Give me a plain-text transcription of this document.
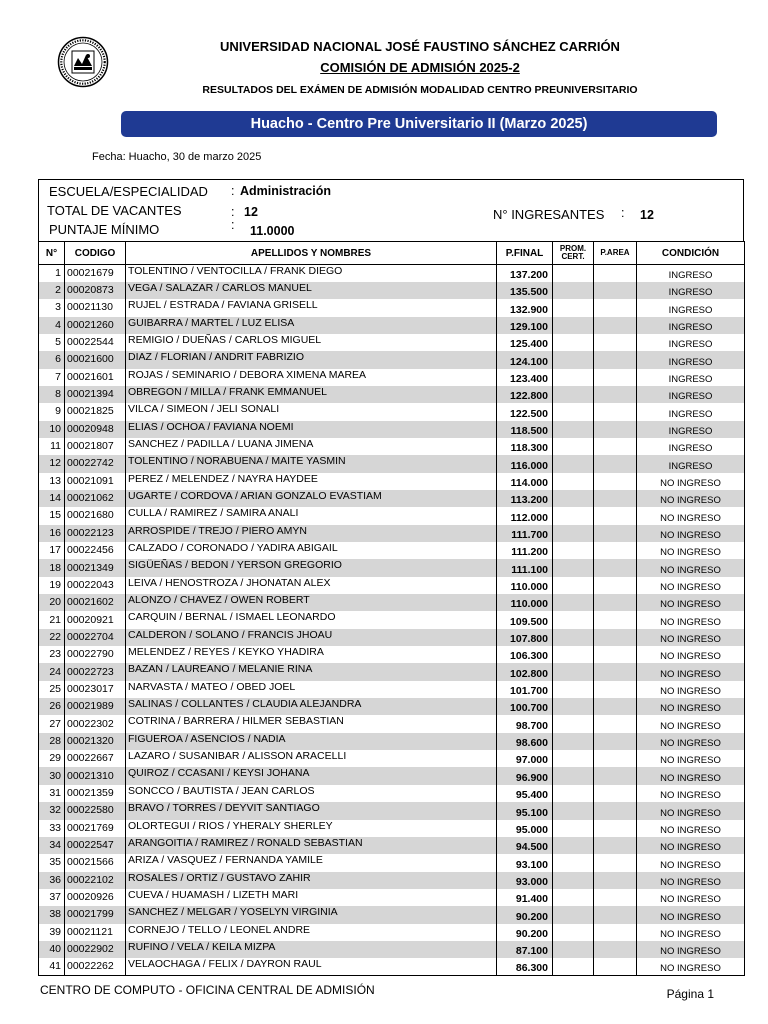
UNIVERSIDAD NACIONAL JOSÉ FAUSTINO SÁNCHEZ CARRIÓN
COMISIÓN DE ADMISIÓN 2025-2
RESULTADOS DEL EXÁMEN DE ADMISIÓN MODALIDAD CENTRO PREUNIVERSITARIO
Huacho - Centro Pre Universitario II (Marzo 2025)
Fecha: Huacho, 30 de marzo 2025
ESCUELA/ESPECIALIDAD : Administración
TOTAL DE VACANTES	: 12
PUNTAJE MÍNIMO	: 11.0000
N° INGRESANTES : 12
N°	CODIGO	APELLIDOS Y NOMBRES	P.FINAL	PROM.
CERT.	P.AREA	CONDICIÓN
1	00021679	TOLENTINO / VENTOCILLA / FRANK DIEGO	137.200			INGRESO
2	00020873	VEGA / SALAZAR / CARLOS MANUEL	135.500			INGRESO
3	00021130	RUJEL / ESTRADA / FAVIANA GRISELL	132.900			INGRESO
4	00021260	GUIBARRA / MARTEL / LUZ ELISA	129.100			INGRESO
5	00022544	REMIGIO / DUEÑAS / CARLOS MIGUEL	125.400			INGRESO
6	00021600	DIAZ / FLORIAN / ANDRIT FABRIZIO	124.100			INGRESO
7	00021601	ROJAS / SEMINARIO / DEBORA XIMENA MAREA	123.400			INGRESO
8	00021394	OBREGON / MILLA / FRANK EMMANUEL	122.800			INGRESO
9	00021825	VILCA / SIMEON / JELI SONALI	122.500			INGRESO
10	00020948	ELIAS / OCHOA / FAVIANA NOEMI	118.500			INGRESO
11	00021807	SANCHEZ / PADILLA / LUANA JIMENA	118.300			INGRESO
12	00022742	TOLENTINO / NORABUENA / MAITE YASMIN	116.000			INGRESO
13	00021091	PEREZ / MELENDEZ / NAYRA HAYDEE	114.000			NO INGRESO
14	00021062	UGARTE / CORDOVA / ARIAN GONZALO EVASTIAM	113.200			NO INGRESO
15	00021680	CULLA / RAMIREZ / SAMIRA ANALI	112.000			NO INGRESO
16	00022123	ARROSPIDE / TREJO / PIERO AMYN	111.700			NO INGRESO
17	00022456	CALZADO / CORONADO / YADIRA ABIGAIL	111.200			NO INGRESO
18	00021349	SIGÜEÑAS / BEDON / YERSON GREGORIO	111.100			NO INGRESO
19	00022043	LEIVA / HENOSTROZA / JHONATAN ALEX	110.000			NO INGRESO
20	00021602	ALONZO / CHAVEZ / OWEN ROBERT	110.000			NO INGRESO
21	00020921	CARQUIN / BERNAL / ISMAEL LEONARDO	109.500			NO INGRESO
22	00022704	CALDERON / SOLANO / FRANCIS JHOAU	107.800			NO INGRESO
23	00022790	MELENDEZ / REYES / KEYKO YHADIRA	106.300			NO INGRESO
24	00022723	BAZAN / LAUREANO / MELANIE RINA	102.800			NO INGRESO
25	00023017	NARVASTA / MATEO / OBED JOEL	101.700			NO INGRESO
26	00021989	SALINAS / COLLANTES / CLAUDIA ALEJANDRA	100.700			NO INGRESO
27	00022302	COTRINA / BARRERA / HILMER SEBASTIAN	98.700			NO INGRESO
28	00021320	FIGUEROA / ASENCIOS / NADIA	98.600			NO INGRESO
29	00022667	LAZARO / SUSANIBAR / ALISSON ARACELLI	97.000			NO INGRESO
30	00021310	QUIROZ / CCASANI / KEYSI JOHANA	96.900			NO INGRESO
31	00021359	SONCCO / BAUTISTA / JEAN CARLOS	95.400			NO INGRESO
32	00022580	BRAVO / TORRES / DEYVIT SANTIAGO	95.100			NO INGRESO
33	00021769	OLORTEGUI / RIOS / YHERALY SHERLEY	95.000			NO INGRESO
34	00022547	ARANGOITIA / RAMIREZ / RONALD SEBASTIAN	94.500			NO INGRESO
35	00021566	ARIZA / VASQUEZ / FERNANDA YAMILE	93.100			NO INGRESO
36	00022102	ROSALES / ORTIZ / GUSTAVO ZAHIR	93.000			NO INGRESO
37	00020926	CUEVA / HUAMASH / LIZETH MARI	91.400			NO INGRESO
38	00021799	SANCHEZ / MELGAR / YOSELYN VIRGINIA	90.200			NO INGRESO
39	00021121	CORNEJO / TELLO / LEONEL ANDRE	90.200			NO INGRESO
40	00022902	RUFINO / VELA / KEILA MIZPA	87.100			NO INGRESO
41	00022262	VELAOCHAGA / FELIX / DAYRON RAUL	86.300			NO INGRESO
CENTRO DE COMPUTO - OFICINA CENTRAL DE ADMISIÓN	Página 1
